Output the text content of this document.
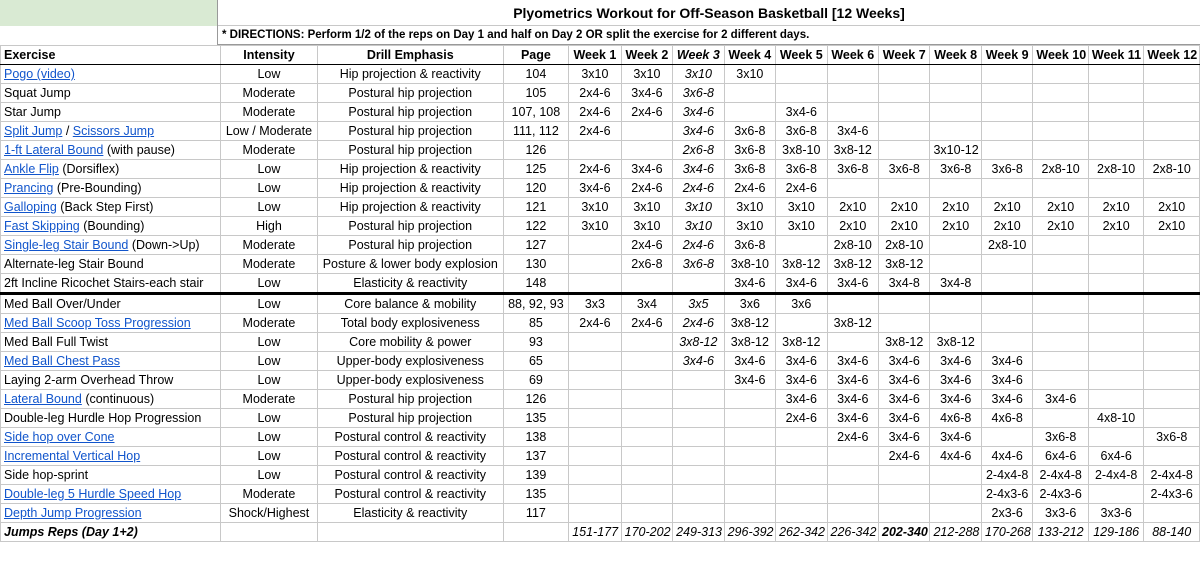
Plyometrics Workout for Off-Season Basketball [12 Weeks]
* DIRECTIONS: Perform 1/2 of the reps on Day 1 and half on Day 2 OR split the exercise for 2 different days.
Exercise	Intensity	Drill Emphasis	Page	Week 1	Week 2	Week 3	Week 4	Week 5	Week 6	Week 7	Week 8	Week 9	Week 10	Week 11	Week 12
Pogo (video)	Low	Hip projection & reactivity	104	3x10	3x10	3x10	3x10								
Squat Jump	Moderate	Postural hip projection	105	2x4-6	3x4-6	3x6-8									
Star Jump	Moderate	Postural hip projection	107, 108	2x4-6	2x4-6	3x4-6		3x4-6							
Split Jump / Scissors Jump	Low / Moderate	Postural hip projection	111, 112	2x4-6		3x4-6	3x6-8	3x6-8	3x4-6						
1-ft Lateral Bound (with pause)	Moderate	Postural hip projection	126			2x6-8	3x6-8	3x8-10	3x8-12		3x10-12				
Ankle Flip (Dorsiflex)	Low	Hip projection & reactivity	125	2x4-6	3x4-6	3x4-6	3x6-8	3x6-8	3x6-8	3x6-8	3x6-8	3x6-8	2x8-10	2x8-10	2x8-10
Prancing (Pre-Bounding)	Low	Hip projection & reactivity	120	3x4-6	2x4-6	2x4-6	2x4-6	2x4-6							
Galloping (Back Step First)	Low	Hip projection & reactivity	121	3x10	3x10	3x10	3x10	3x10	2x10	2x10	2x10	2x10	2x10	2x10	2x10
Fast Skipping (Bounding)	High	Postural hip projection	122	3x10	3x10	3x10	3x10	3x10	2x10	2x10	2x10	2x10	2x10	2x10	2x10
Single-leg Stair Bound (Down->Up)	Moderate	Postural hip projection	127		2x4-6	2x4-6	3x6-8		2x8-10	2x8-10		2x8-10			
Alternate-leg Stair Bound	Moderate	Posture & lower body explosion	130		2x6-8	3x6-8	3x8-10	3x8-12	3x8-12	3x8-12					
2ft Incline Ricochet Stairs-each stair	Low	Elasticity & reactivity	148				3x4-6	3x4-6	3x4-6	3x4-8	3x4-8				
Med Ball Over/Under	Low	Core balance & mobility	88, 92, 93	3x3	3x4	3x5	3x6	3x6							
Med Ball Scoop Toss Progression	Moderate	Total body explosiveness	85	2x4-6	2x4-6	2x4-6	3x8-12		3x8-12						
Med Ball Full Twist	Low	Core mobility & power	93			3x8-12	3x8-12	3x8-12		3x8-12	3x8-12				
Med Ball Chest Pass	Low	Upper-body explosiveness	65			3x4-6	3x4-6	3x4-6	3x4-6	3x4-6	3x4-6	3x4-6			
Laying 2-arm Overhead Throw	Low	Upper-body explosiveness	69				3x4-6	3x4-6	3x4-6	3x4-6	3x4-6	3x4-6			
Lateral Bound (continuous)	Moderate	Postural hip projection	126					3x4-6	3x4-6	3x4-6	3x4-6	3x4-6	3x4-6		
Double-leg Hurdle Hop Progression	Low	Postural hip projection	135					2x4-6	3x4-6	3x4-6	4x6-8	4x6-8		4x8-10	
Side hop over Cone	Low	Postural control & reactivity	138						2x4-6	3x4-6	3x4-6		3x6-8		3x6-8
Incremental Vertical Hop	Low	Postural control & reactivity	137							2x4-6	4x4-6	4x4-6	6x4-6	6x4-6	
Side hop-sprint	Low	Postural control & reactivity	139									2-4x4-8	2-4x4-8	2-4x4-8	2-4x4-8
Double-leg 5 Hurdle Speed Hop	Moderate	Postural control & reactivity	135									2-4x3-6	2-4x3-6		2-4x3-6
Depth Jump Progression	Shock/Highest	Elasticity & reactivity	117									2x3-6	3x3-6	3x3-6	
Jumps Reps (Day 1+2)				151-177	170-202	249-313	296-392	262-342	226-342	202-340	212-288	170-268	133-212	129-186	88-140
